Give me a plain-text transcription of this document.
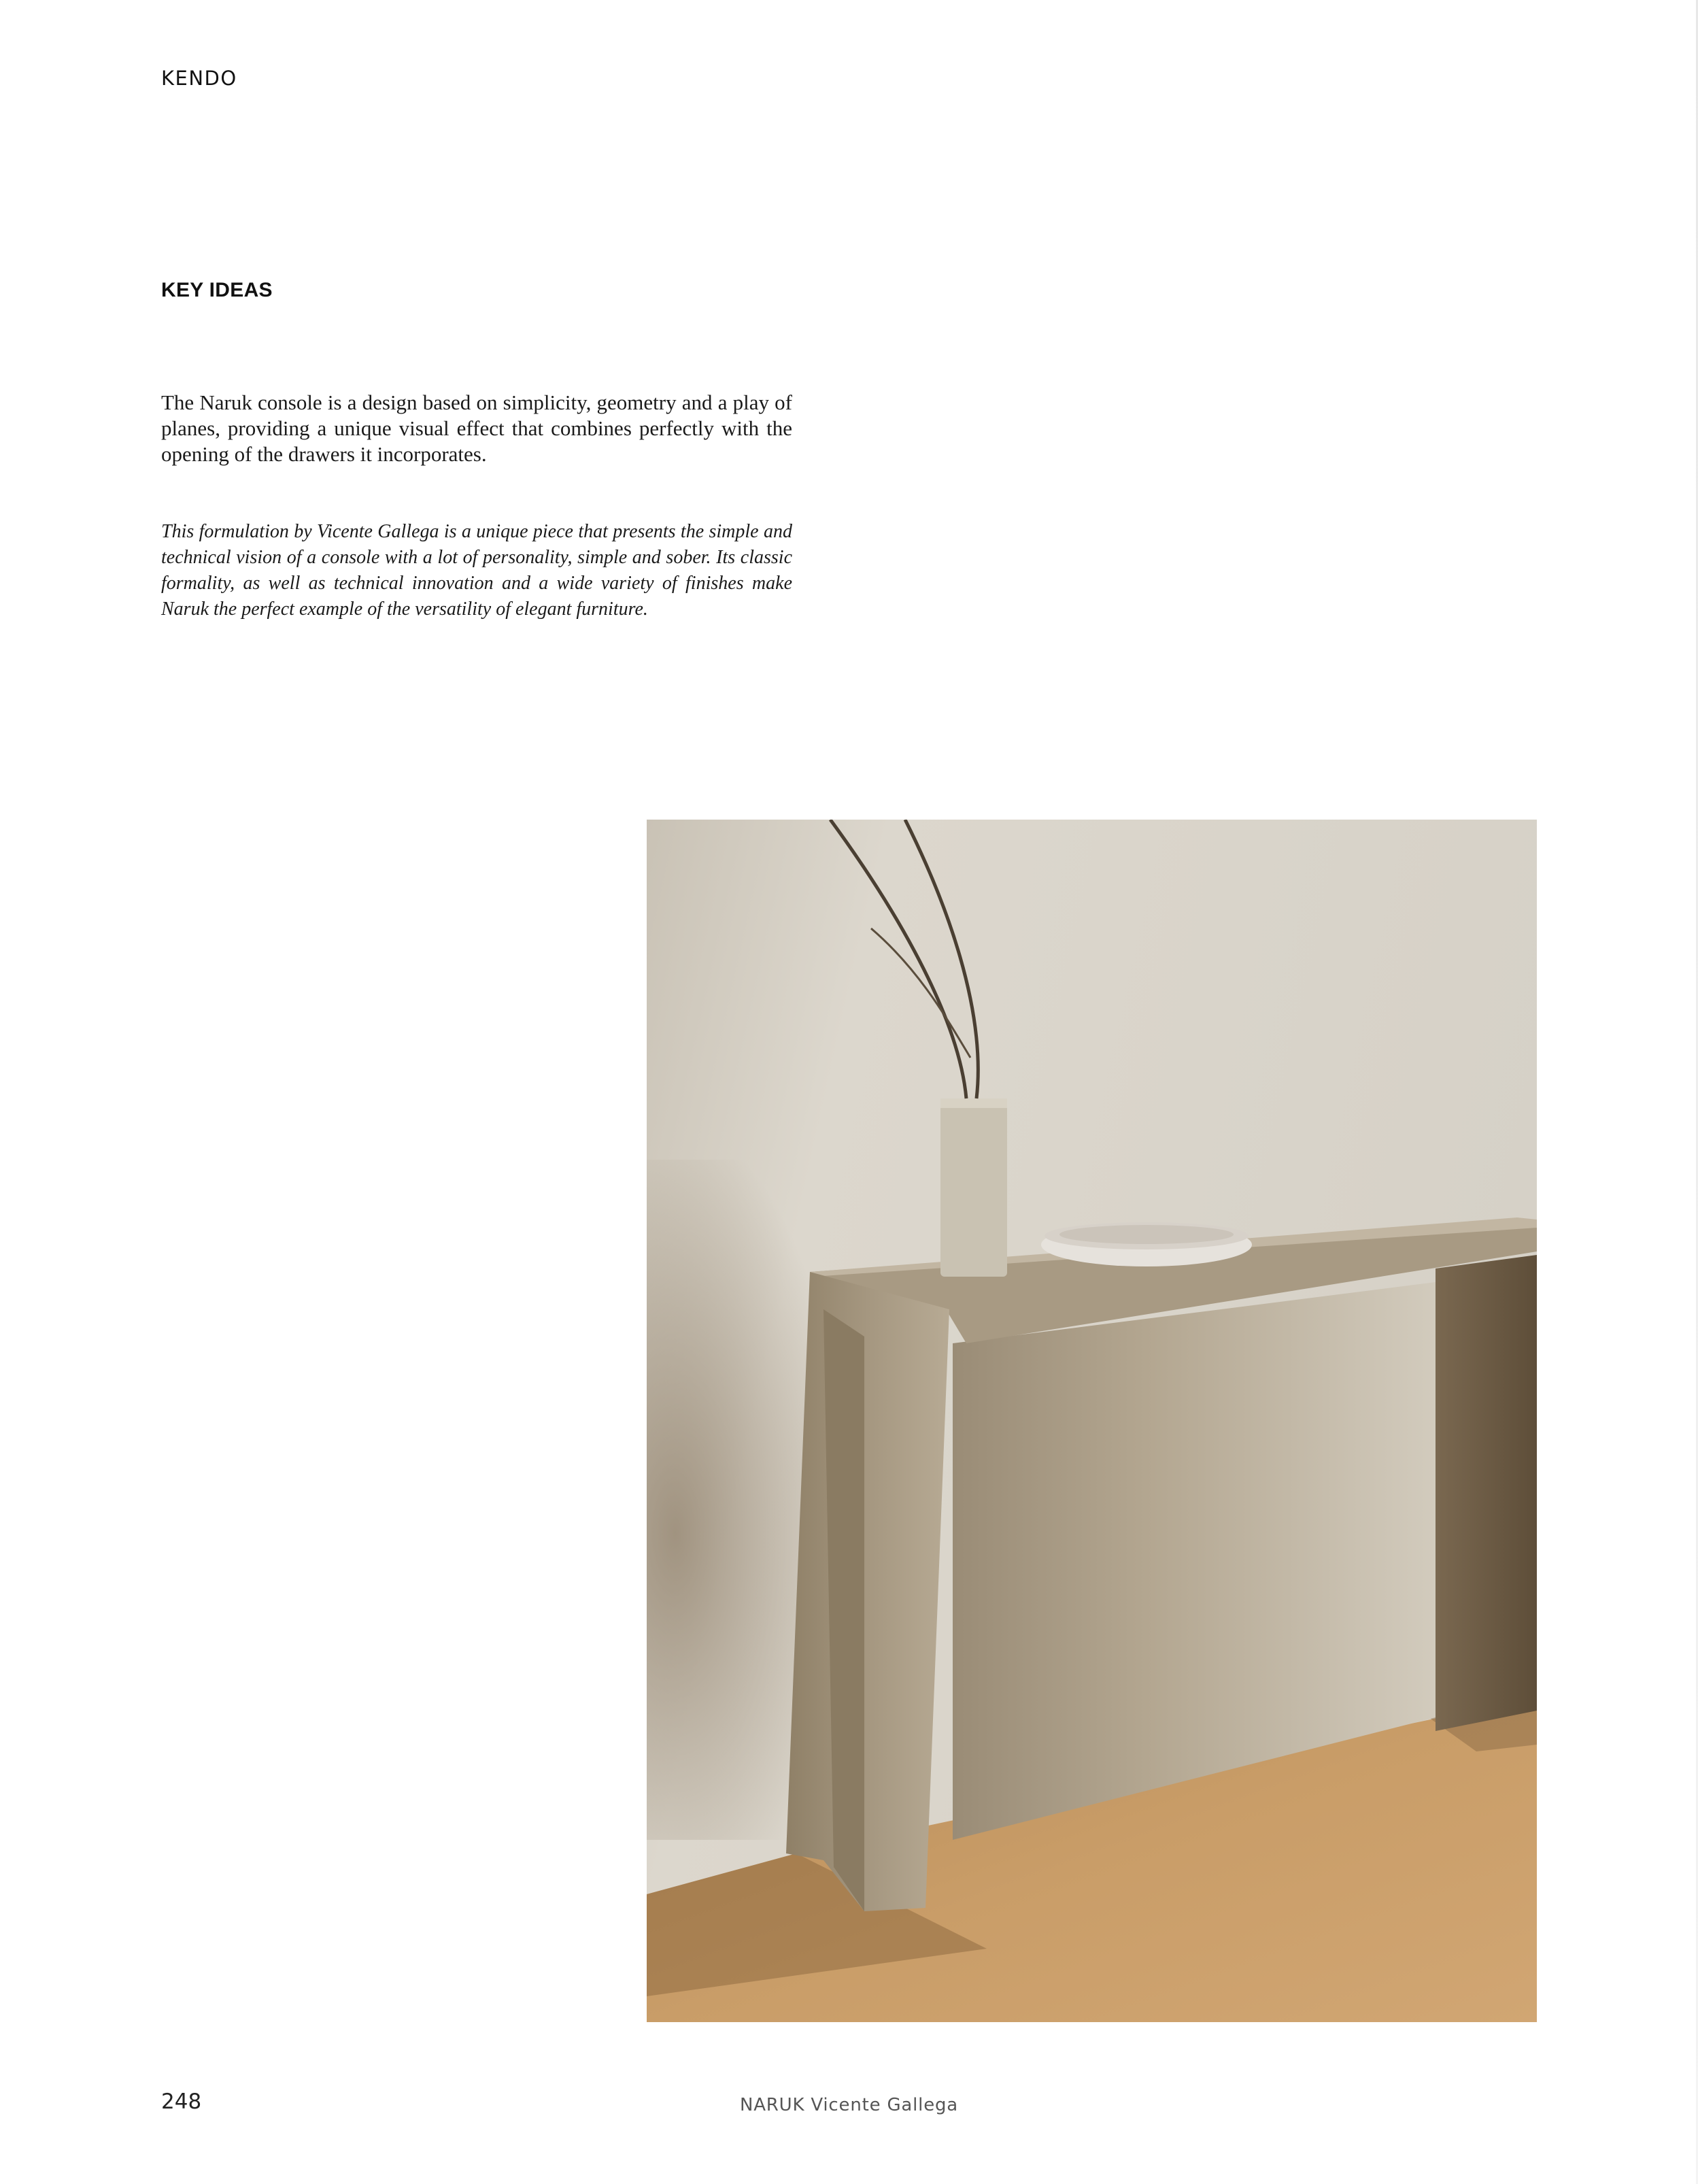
KENDO

KEY IDEAS

The Naruk console is a design based on simplicity, geometry and a play of planes, providing a unique visual effect that combines perfectly with the opening of the drawers it incorporates.

This formulation by Vicente Gallega is a unique piece that presents the simple and technical vision of a console with a lot of personality, simple and sober. Its classic formality, as well as technical innovation and a wide variety of finishes make Naruk the perfect example of the versatility of elegant furniture.

248	NARUK Vicente Gallega
